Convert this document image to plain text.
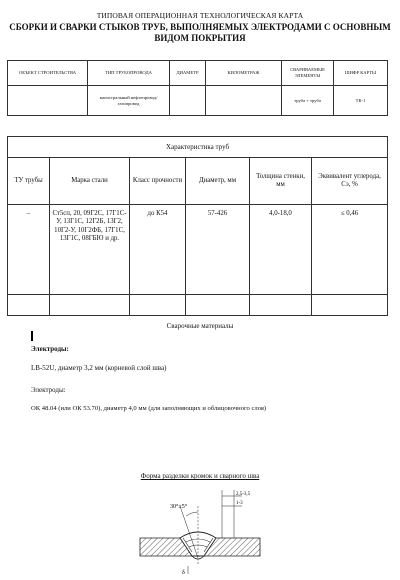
ТИПОВАЯ ОПЕРАЦИОННАЯ ТЕХНОЛОГИЧЕСКАЯ КАРТА
СБОРКИ И СВАРКИ СТЫКОВ ТРУБ, ВЫПОЛНЯЕМЫХ ЭЛЕКТРОДАМИ С ОСНОВНЫМ
ВИДОМ ПОКРЫТИЯ
ОБЪЕКТ СТРОИТЕЛЬСТВА	ТИП ТРУБОПРОВОДА	ДИАМЕТР	КИЛОМЕТРАЖ	СВАРИВАЕМЫЕ ЭЛЕМЕНТЫ	ШИФР КАРТЫ
	магистральный нефтепровод/газопровод			труба + труба	ТК-1
Характеристика труб					
ТУ трубы	Марка стали	Класс прочности	Диаметр, мм	Толщина стенки, мм	Эквивалент углерода, Сэ, %
–	Ст5сп, 20, 09Г2С, 17Г1С-У, 13Г1С, 12Г2Б, 13Г2, 10Г2-У, 10Г2ФБ, 17Г1С, 13Г1С, 08ГБЮ и др.	до К54	57-426	4,0-18,0	≤ 0,46

Сварочные материалы
Электроды:
LB-52U, диаметр 3,2 мм (корневой слой шва)
Электроды:
ОК 48.04 (или ОК 53.70), диаметр 4,0 мм (для заполняющих и облицовочного слоя)
Форма разделки кромок и сварного шва
30°±5°
2,5-3,5
1-3
δ
